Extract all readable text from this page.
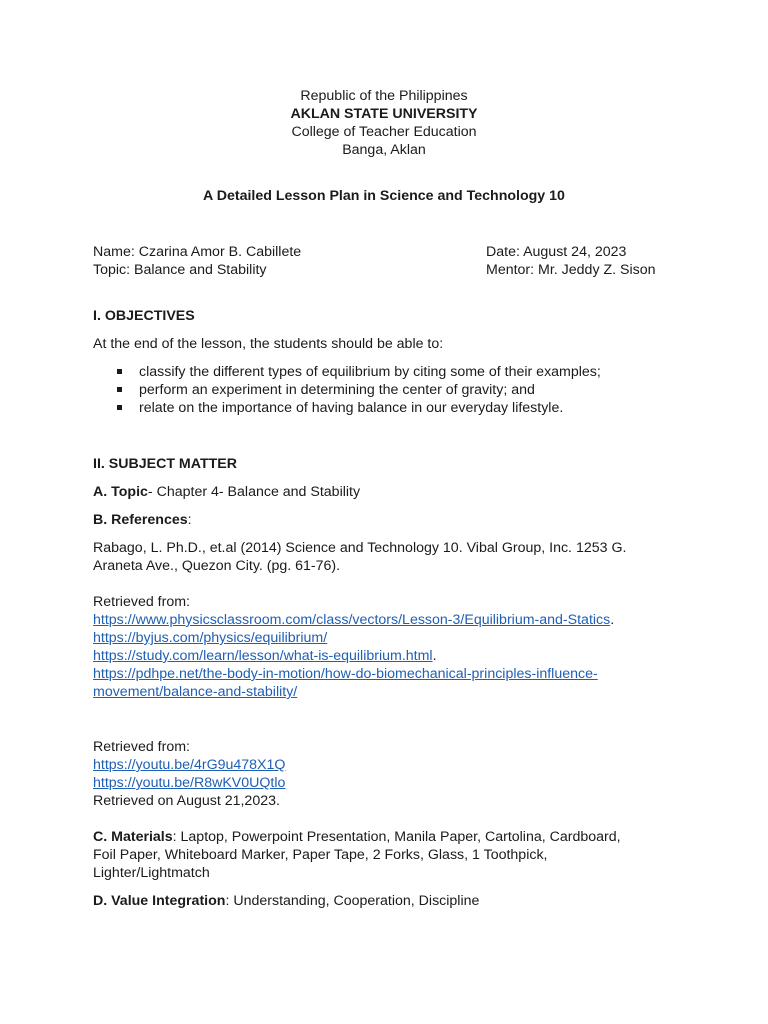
Republic of the Philippines
AKLAN STATE UNIVERSITY
College of Teacher Education
Banga, Aklan
A Detailed Lesson Plan in Science and Technology 10
Name: Czarina Amor B. Cabillete	Date: August 24, 2023
Topic: Balance and Stability	Mentor: Mr. Jeddy Z. Sison
I. OBJECTIVES
At the end of the lesson, the students should be able to:
classify the different types of equilibrium by citing some of their examples;
perform an experiment in determining the center of gravity; and
relate on the importance of having balance in our everyday lifestyle.
II. SUBJECT MATTER
A. Topic- Chapter 4- Balance and Stability
B. References:
Rabago, L. Ph.D., et.al (2014) Science and Technology 10. Vibal Group, Inc. 1253 G.
Araneta Ave., Quezon City. (pg. 61-76).
Retrieved from:
https://www.physicsclassroom.com/class/vectors/Lesson-3/Equilibrium-and-Statics.
https://byjus.com/physics/equilibrium/
https://study.com/learn/lesson/what-is-equilibrium.html.
https://pdhpe.net/the-body-in-motion/how-do-biomechanical-principles-influence-
movement/balance-and-stability/
Retrieved from:
https://youtu.be/4rG9u478X1Q
https://youtu.be/R8wKV0UQtlo
Retrieved on August 21,2023.
C. Materials: Laptop, Powerpoint Presentation, Manila Paper, Cartolina, Cardboard,
Foil Paper, Whiteboard Marker, Paper Tape, 2 Forks, Glass, 1 Toothpick,
Lighter/Lightmatch
D. Value Integration: Understanding, Cooperation, Discipline
